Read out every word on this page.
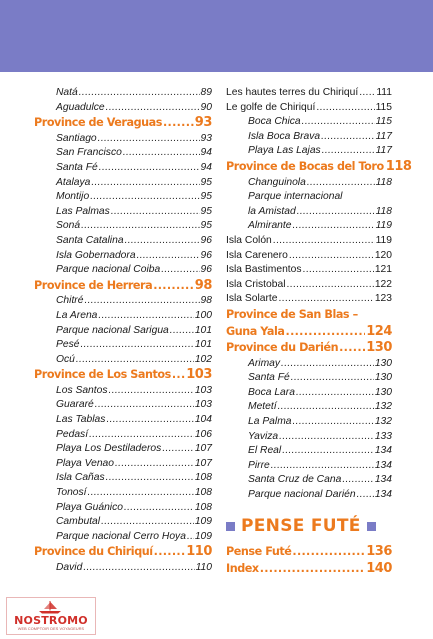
Natá .....	89
Aguadulce .....	90
Province de Veraguas .....	93
Santiago .....	93
San Francisco .....	94
Santa Fé .....	94
Atalaya .....	95
Montijo .....	95
Las Palmas .....	95
Soná .....	95
Santa Catalina .....	96
Isla Gobernadora .....	96
Parque nacional Coiba .....	96
Province de Herrera .....	98
Chitré .....	98
La Arena .....	100
Parque nacional Sarigua .....	101
Pesé .....	101
Ocú .....	102
Province de Los Santos ..... 103
Los Santos .....	103
Guararé .....	103
Las Tablas .....	104
Pedasí .....	106
Playa Los Destiladeros .....	107
Playa Venao .....	107
Isla Cañas .....	108
Tonosí .....	108
Playa Guánico .....	108
Cambutal .....	109
Parque nacional Cerro Hoya ..... 109
Province du Chiriquí .....	110
David .....	110
Les hautes terres du Chiriquí ..... 111
Le golfe de Chiriquí .....	115
Boca Chica .....	115
Isla Boca Brava .....	117
Playa Las Lajas .....	117
Province de Bocas del Toro 118
Changuinola .....	118
Parque internacional
la Amistad .....	118
Almirante .....	119
Isla Colón .....	119
Isla Carenero .....	120
Isla Bastimentos .....	121
Isla Cristobal .....	122
Isla Solarte .....	123
Province de San Blas –
Guna Yala .....	124
Province du Darién ..... 130
Arimay .....	130
Santa Fé .....	130
Boca Lara .....	130
Metetí .....	132
La Palma .....	132
Yaviza .....	133
El Real .....	134
Pirre .....	134
Santa Cruz de Cana .....	134
Parque nacional Darién ..... 134
PENSE FUTÉ
Pense Futé .....	136
Index .....	140
NOSTROMO
WEB COMPTOIR DES VOYAGEURS
